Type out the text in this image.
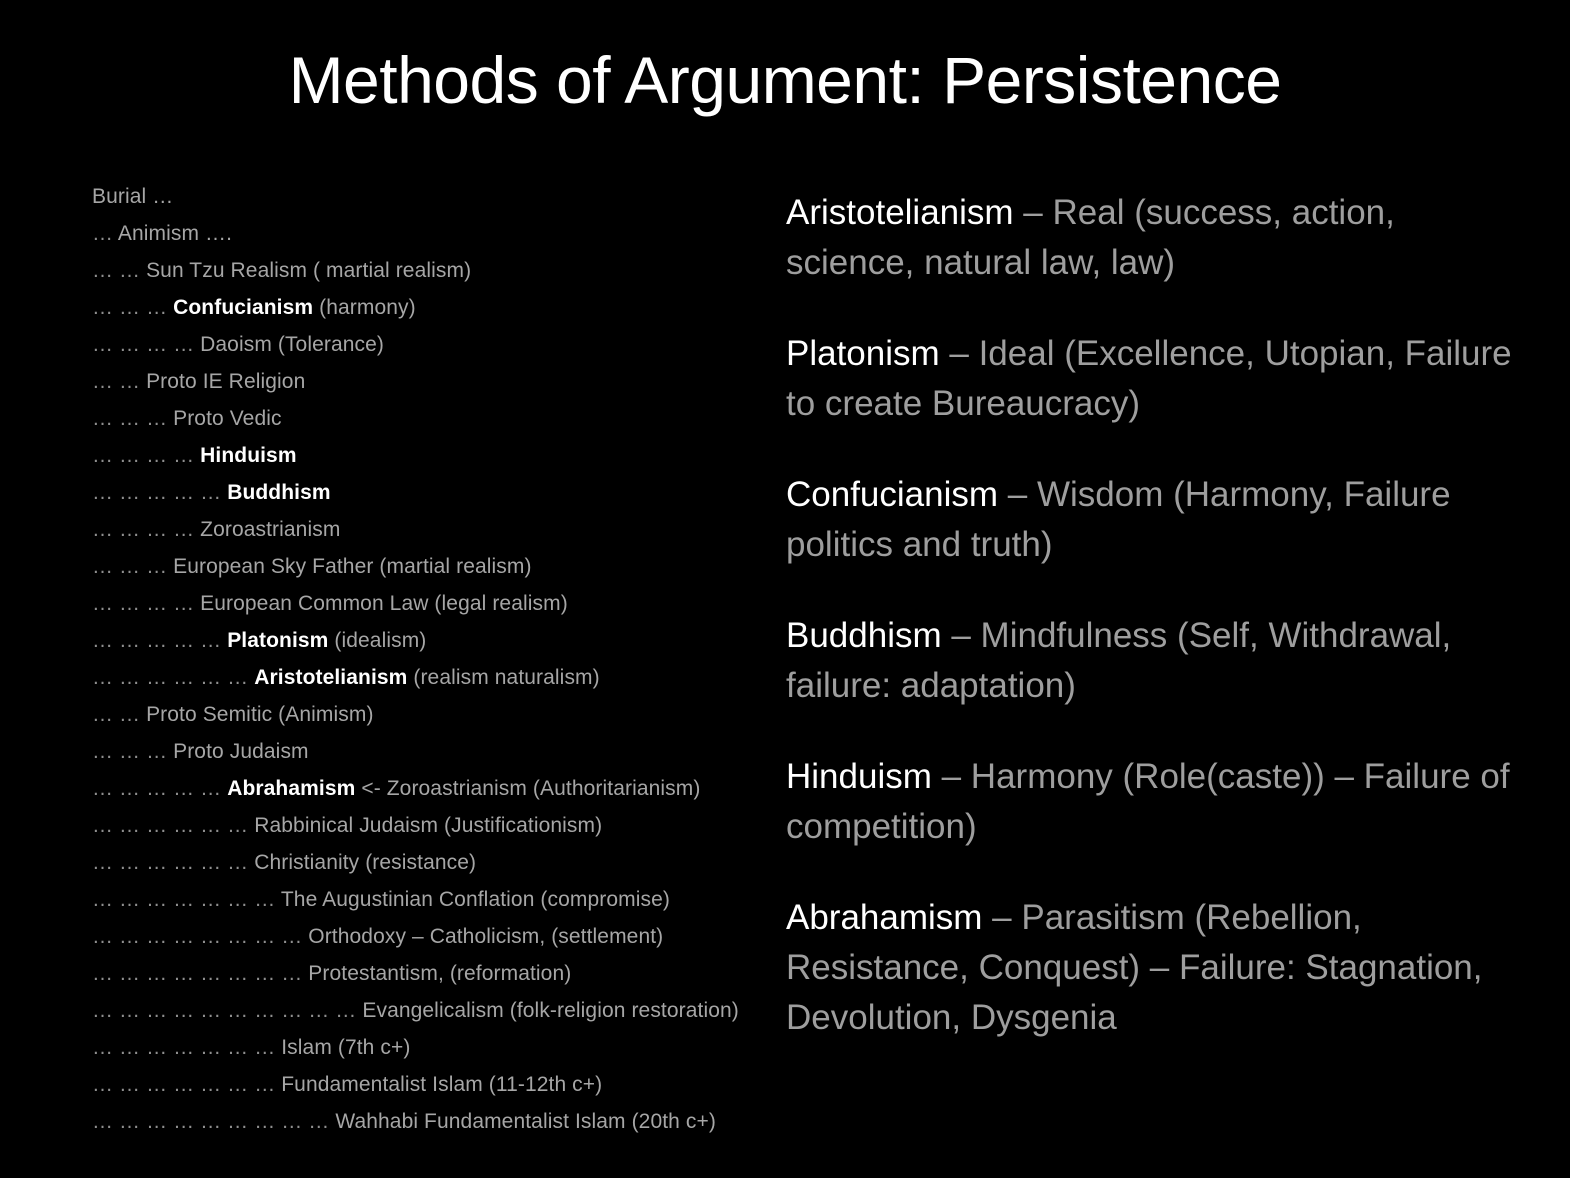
Methods of Argument: Persistence
Burial …
… Animism ….
… … Sun Tzu Realism ( martial realism)
… … … Confucianism (harmony)
… … … … Daoism (Tolerance)
… … Proto IE Religion
… … … Proto Vedic
… … … … Hinduism
… … … … … Buddhism
… … … … Zoroastrianism
… … … European Sky Father (martial realism)
… … … … European Common Law (legal realism)
… … … … … Platonism (idealism)
… … … … … … Aristotelianism (realism naturalism)
… … Proto Semitic (Animism)
… … … Proto Judaism
… … … … … Abrahamism <- Zoroastrianism (Authoritarianism)
… … … … … … Rabbinical Judaism (Justificationism)
… … … … … … Christianity (resistance)
… … … … … … … The Augustinian Conflation (compromise)
… … … … … … … … Orthodoxy – Catholicism, (settlement)
… … … … … … … … Protestantism, (reformation)
… … … … … … … … … … Evangelicalism (folk-religion restoration)
… … … … … … … Islam (7th c+)
… … … … … … … Fundamentalist Islam (11-12th c+)
… … … … … … … … … Wahhabi Fundamentalist Islam (20th c+)
Aristotelianism – Real (success, action, science, natural law, law)
Platonism – Ideal (Excellence, Utopian, Failure to create Bureaucracy)
Confucianism – Wisdom (Harmony, Failure politics and truth)
Buddhism – Mindfulness (Self, Withdrawal, failure: adaptation)
Hinduism – Harmony (Role(caste)) – Failure of competition)
Abrahamism – Parasitism (Rebellion, Resistance, Conquest) – Failure: Stagnation, Devolution, Dysgenia
